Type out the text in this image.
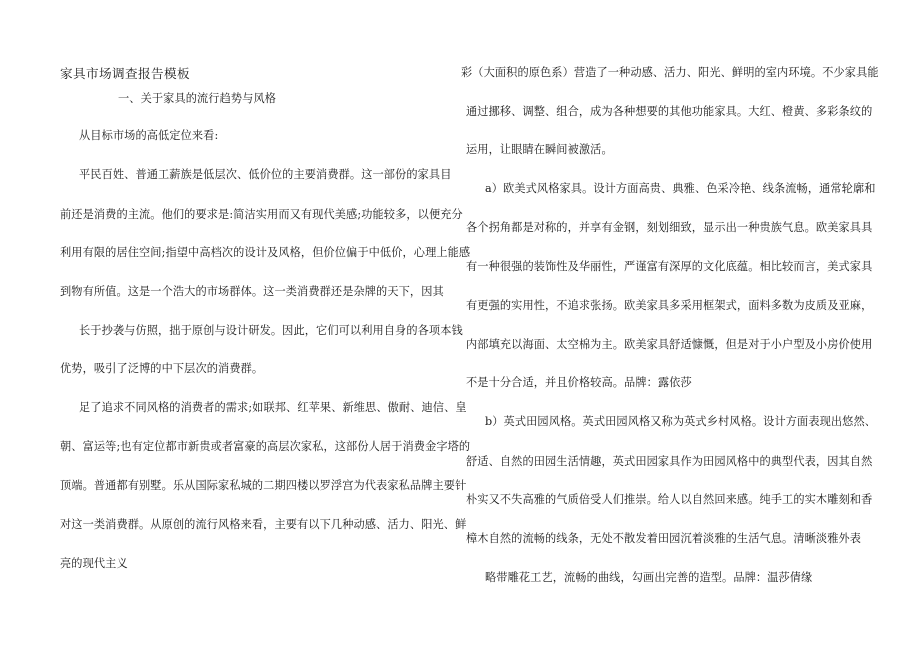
家具市场调查报告模板
一、关于家具的流行趋势与风格
从目标市场的高低定位来看:
平民百姓、普通工薪族是低层次、低价位的主要消费群。这一部份的家具目
前还是消费的主流。他们的要求是:简洁实用而又有现代美感;功能较多，以便充分
利用有限的居住空间;指望中高档次的设计及风格，但价位偏于中低价，心理上能感
到物有所值。这是一个浩大的市场群体。这一类消费群还是杂牌的天下，因其
长于抄袭与仿照，拙于原创与设计研发。因此，它们可以利用自身的各项本钱
优势，吸引了泛博的中下层次的消费群。
足了追求不同风格的消费者的需求;如联邦、红苹果、新维思、傲耐、迪信、皇
朝、富运等;也有定位都市新贵或者富豪的高层次家私，这部份人居于消费金字塔的
顶端。普通都有别墅。乐从国际家私城的二期四楼以罗浮宫为代表家私品牌主要针
对这一类消费群。从原创的流行风格来看，主要有以下几种动感、活力、阳光、鲜
亮的现代主义
彩（大面积的原色系）营造了一种动感、活力、阳光、鲜明的室内环境。不少家具能
通过挪移、调整、组合，成为各种想要的其他功能家具。大红、橙黄、多彩条纹的
运用，让眼睛在瞬间被激活。
a）欧美式风格家具。设计方面高贵、典雅、色采冷艳、线条流畅，通常轮廓和
各个拐角都是对称的，并享有金钢，刻划细致，显示出一种贵族气息。欧美家具具
有一种很强的装饰性及华丽性，严谨富有深厚的文化底蕴。相比较而言，美式家具
有更强的实用性，不追求张扬。欧美家具多采用框架式，面料多数为皮质及亚麻，
内部填充以海面、太空棉为主。欧美家具舒适慷慨，但是对于小户型及小房价使用
不是十分合适，并且价格较高。品牌：露依莎
b）英式田园风格。英式田园风格又称为英式乡村风格。设计方面表现出悠然、
舒适、自然的田园生活情趣，英式田园家具作为田园风格中的典型代表，因其自然
朴实又不失高雅的气质倍受人们推崇。给人以自然回来感。纯手工的实木雕刻和香
樟木自然的流畅的线条，无处不散发着田园沉着淡雅的生活气息。清晰淡雅外表
略带雕花工艺，流畅的曲线，勾画出完善的造型。品牌：温莎倩缘
